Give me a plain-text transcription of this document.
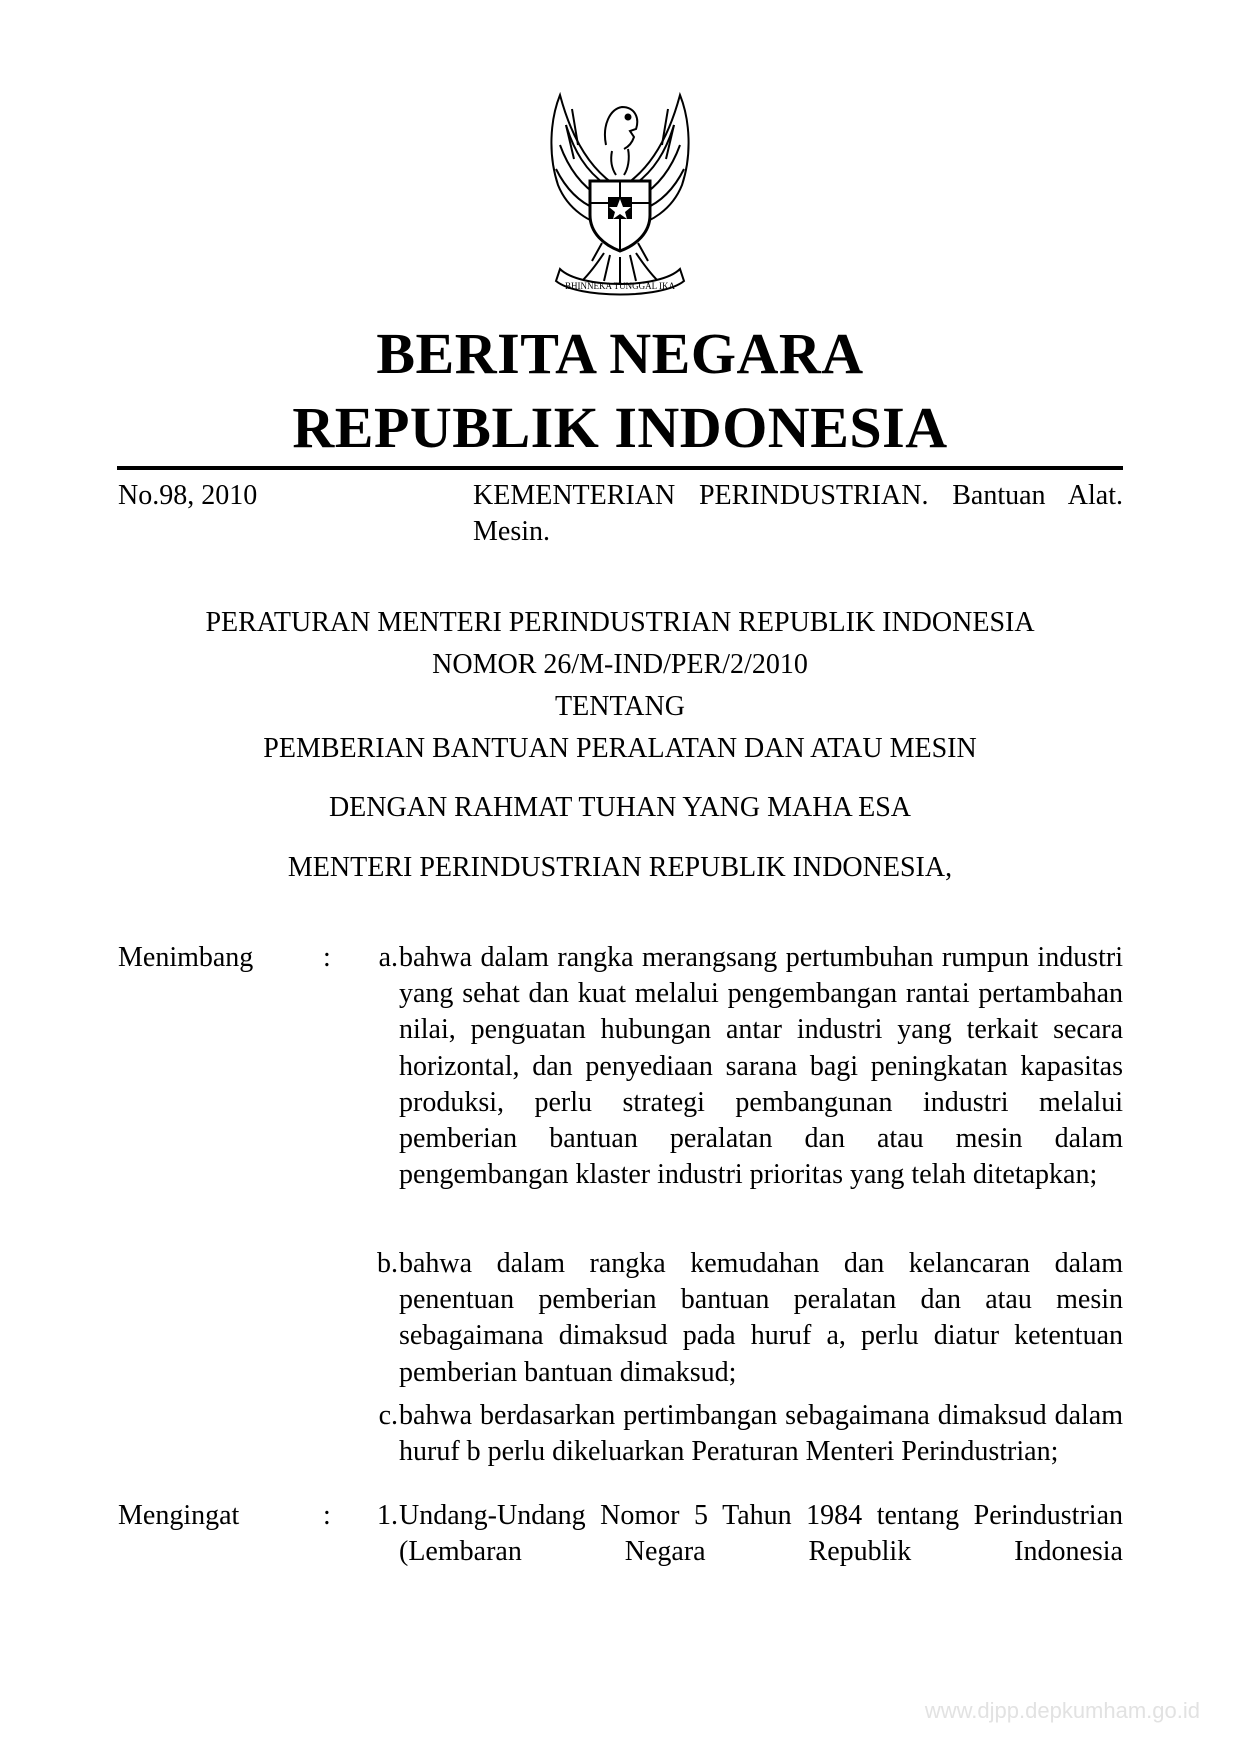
BHINNEKA TUNGGAL IKA
BERITA NEGARA
REPUBLIK INDONESIA
No.98, 2010	KEMENTERIAN PERINDUSTRIAN. Bantuan Alat. Mesin.
PERATURAN MENTERI PERINDUSTRIAN REPUBLIK INDONESIA
NOMOR 26/M-IND/PER/2/2010
TENTANG
PEMBERIAN BANTUAN PERALATAN DAN ATAU MESIN
DENGAN RAHMAT TUHAN YANG MAHA ESA
MENTERI PERINDUSTRIAN REPUBLIK INDONESIA,
Menimbang :	a. bahwa dalam rangka merangsang pertumbuhan rumpun industri yang sehat dan kuat melalui pengembangan rantai pertambahan nilai, penguatan hubungan antar industri yang terkait secara horizontal, dan penyediaan sarana bagi peningkatan kapasitas produksi, perlu strategi pembangunan industri melalui pemberian bantuan peralatan dan atau mesin dalam pengembangan klaster industri prioritas yang telah ditetapkan;
b. bahwa dalam rangka kemudahan dan kelancaran dalam penentuan pemberian bantuan peralatan dan atau mesin sebagaimana dimaksud pada huruf a, perlu diatur ketentuan pemberian bantuan dimaksud;
c. bahwa berdasarkan pertimbangan sebagaimana dimaksud dalam huruf b perlu dikeluarkan Peraturan Menteri Perindustrian;
Mengingat	:	1. Undang-Undang Nomor 5 Tahun 1984 tentang Perindustrian (Lembaran Negara Republik Indonesia
www.djpp.depkumham.go.id
